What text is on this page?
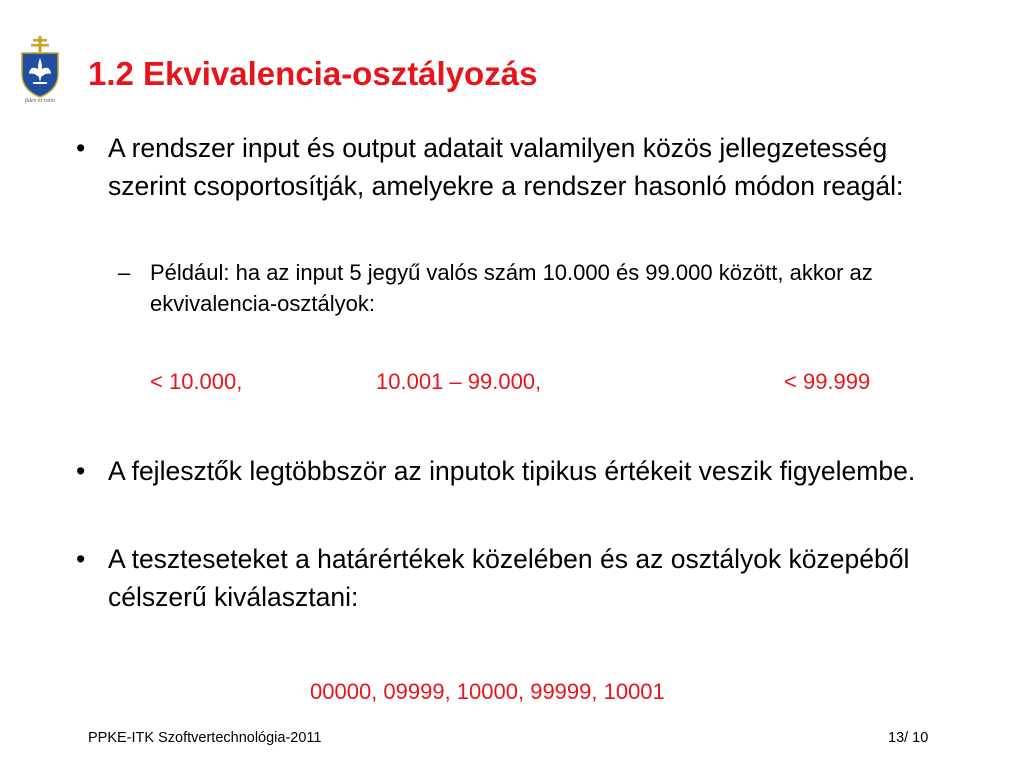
fides et ratio
1.2 Ekvivalencia-osztályozás
• A rendszer input és output adatait valamilyen közös jellegzetesség szerint csoportosítják, amelyekre a rendszer hasonló módon reagál:
– Például: ha az input 5 jegyű valós szám 10.000 és 99.000 között, akkor az ekvivalencia-osztályok:
< 10.000,	10.001 – 99.000,	< 99.999
• A fejlesztők legtöbbször az inputok tipikus értékeit veszik figyelembe.
• A teszteseteket a határértékek közelében és az osztályok közepéből célszerű kiválasztani:
00000, 09999, 10000, 99999, 10001
PPKE-ITK Szoftvertechnológia-2011	13/ 10
